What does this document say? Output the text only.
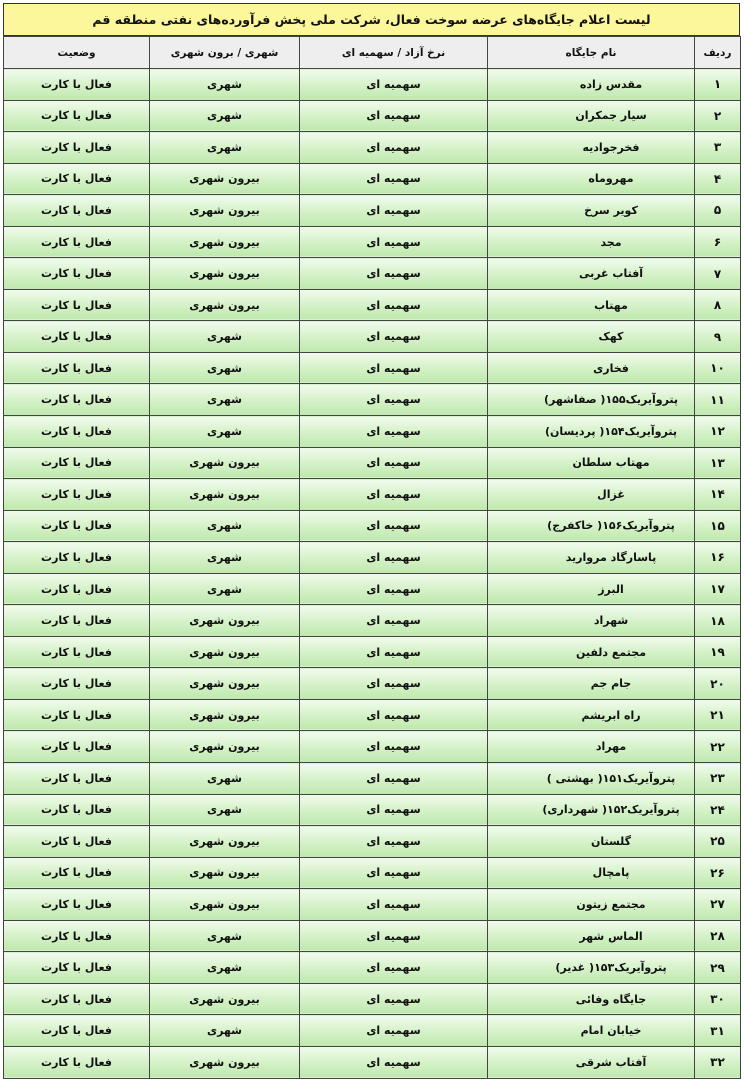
لیست اعلام جایگاه‌های عرضه سوخت فعال، شرکت ملی پخش فرآورده‌های نفتی منطقه قم
ردیف	نام جایگاه	نرخ آزاد / سهمیه ای	شهری / برون شهری	وضعیت
۱	مقدس زاده	سهمیه ای	شهری	فعال با کارت
۲	سیار جمکران	سهمیه ای	شهری	فعال با کارت
۳	فخرجوادیه	سهمیه ای	شهری	فعال با کارت
۴	مهروماه	سهمیه ای	بیرون شهری	فعال با کارت
۵	کویر سرخ	سهمیه ای	بیرون شهری	فعال با کارت
۶	مجد	سهمیه ای	بیرون شهری	فعال با کارت
۷	آفتاب غربی	سهمیه ای	بیرون شهری	فعال با کارت
۸	مهتاب	سهمیه ای	بیرون شهری	فعال با کارت
۹	کهک	سهمیه ای	شهری	فعال با کارت
۱۰	فخاری	سهمیه ای	شهری	فعال با کارت
۱۱	پتروآیریک۱۵۵( صفاشهر)	سهمیه ای	شهری	فعال با کارت
۱۲	پتروآیریک۱۵۴( پردیسان)	سهمیه ای	شهری	فعال با کارت
۱۳	مهتاب سلطان	سهمیه ای	بیرون شهری	فعال با کارت
۱۴	غزال	سهمیه ای	بیرون شهری	فعال با کارت
۱۵	پتروآیریک۱۵۶( خاکفرج)	سهمیه ای	شهری	فعال با کارت
۱۶	پاسارگاد مروارید	سهمیه ای	شهری	فعال با کارت
۱۷	البرز	سهمیه ای	شهری	فعال با کارت
۱۸	شهراد	سهمیه ای	بیرون شهری	فعال با کارت
۱۹	مجتمع دلفین	سهمیه ای	بیرون شهری	فعال با کارت
۲۰	جام جم	سهمیه ای	بیرون شهری	فعال با کارت
۲۱	راه ابریشم	سهمیه ای	بیرون شهری	فعال با کارت
۲۲	مهراد	سهمیه ای	بیرون شهری	فعال با کارت
۲۳	پتروآیریک۱۵۱( بهشتی )	سهمیه ای	شهری	فعال با کارت
۲۴	پتروآیریک۱۵۲( شهرداری)	سهمیه ای	شهری	فعال با کارت
۲۵	گلستان	سهمیه ای	بیرون شهری	فعال با کارت
۲۶	پامچال	سهمیه ای	بیرون شهری	فعال با کارت
۲۷	مجتمع زیتون	سهمیه ای	بیرون شهری	فعال با کارت
۲۸	الماس شهر	سهمیه ای	شهری	فعال با کارت
۲۹	پتروآیریک۱۵۳( غدیر)	سهمیه ای	شهری	فعال با کارت
۳۰	جایگاه وفائی	سهمیه ای	بیرون شهری	فعال با کارت
۳۱	خیابان امام	سهمیه ای	شهری	فعال با کارت
۳۲	آفتاب شرقی	سهمیه ای	بیرون شهری	فعال با کارت
